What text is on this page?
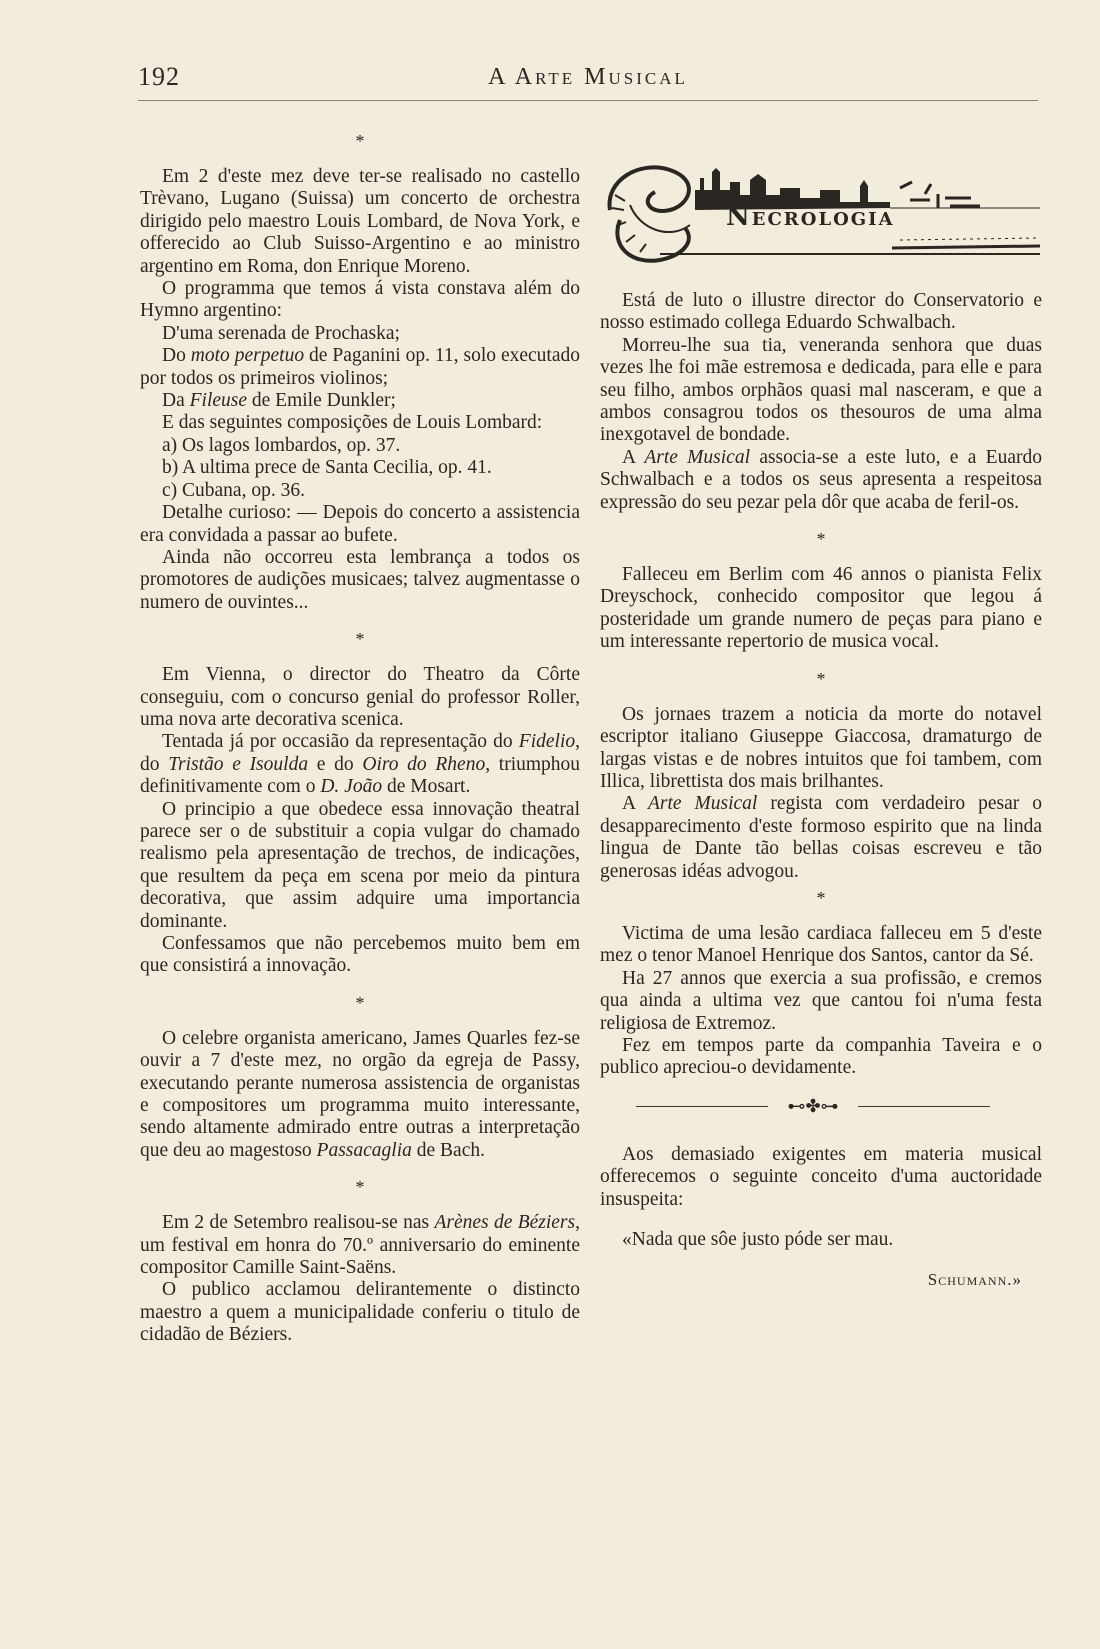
192	A Arte Musical
*

Em 2 d'este mez deve ter-se realisado no castello Trèvano, Lugano (Suissa) um concerto de orchestra dirigido pelo maestro Louis Lombard, de Nova York, e offerecido ao Club Suisso-Argentino e ao ministro argentino em Roma, don Enrique Moreno.

O programma que temos á vista constava além do Hymno argentino:

D'uma serenada de Prochaska;

Do moto perpetuo de Paganini op. 11, solo executado por todos os primeiros violinos;

Da Fileuse de Emile Dunkler;

E das seguintes composições de Louis Lombard:

a) Os lagos lombardos, op. 37.

b) A ultima prece de Santa Cecilia, op. 41.

c) Cubana, op. 36.

Detalhe curioso: — Depois do concerto a assistencia era convidada a passar ao bufete.

Ainda não occorreu esta lembrança a todos os promotores de audições musicaes; talvez augmentasse o numero de ouvintes...

*

Em Vienna, o director do Theatro da Côrte conseguiu, com o concurso genial do professor Roller, uma nova arte decorativa scenica.

Tentada já por occasião da representação do Fidelio, do Tristão e Isoulda e do Oiro do Rheno, triumphou definitivamente com o D. João de Mosart.

O principio a que obedece essa innovação theatral parece ser o de substituir a copia vulgar do chamado realismo pela apresentação de trechos, de indicações, que resultem da peça em scena por meio da pintura decorativa, que assim adquire uma importancia dominante.

Confessamos que não percebemos muito bem em que consistirá a innovação.

*

O celebre organista americano, James Quarles fez-se ouvir a 7 d'este mez, no orgão da egreja de Passy, executando perante numerosa assistencia de organistas e compositores um programma muito interessante, sendo altamente admirado entre outras a interpretação que deu ao magestoso Passacaglia de Bach.

*

Em 2 de Setembro realisou-se nas Arènes de Béziers, um festival em honra do 70.º anniversario do eminente compositor Camille Saint-Saëns.

O publico acclamou delirantemente o distincto maestro a quem a municipalidade conferiu o titulo de cidadão de Béziers.

Necrologia

Está de luto o illustre director do Conservatorio e nosso estimado collega Eduardo Schwalbach.

Morreu-lhe sua tia, veneranda senhora que duas vezes lhe foi mãe estremosa e dedicada, para elle e para seu filho, ambos orphãos quasi mal nasceram, e que a ambos consagrou todos os thesouros de uma alma inexgotavel de bondade.

A Arte Musical associa-se a este luto, e a Euardo Schwalbach e a todos os seus apresenta a respeitosa expressão do seu pezar pela dôr que acaba de feril-os.

*

Falleceu em Berlim com 46 annos o pianista Felix Dreyschock, conhecido compositor que legou á posteridade um grande numero de peças para piano e um interessante repertorio de musica vocal.

*

Os jornaes trazem a noticia da morte do notavel escriptor italiano Giuseppe Giaccosa, dramaturgo de largas vistas e de nobres intuitos que foi tambem, com Illica, librettista dos mais brilhantes.

A Arte Musical regista com verdadeiro pesar o desapparecimento d'este formoso espirito que na linda lingua de Dante tão bellas coisas escreveu e tão generosas idéas advogou.

*

Victima de uma lesão cardiaca falleceu em 5 d'este mez o tenor Manoel Henrique dos Santos, cantor da Sé.

Ha 27 annos que exercia a sua profissão, e cremos qua ainda a ultima vez que cantou foi n'uma festa religiosa de Extremoz.

Fez em tempos parte da companhia Taveira e o publico apreciou-o devidamente.

⊷✤⊶

Aos demasiado exigentes em materia musical offerecemos o seguinte conceito d'uma auctoridade insuspeita:

«Nada que sôe justo póde ser mau.

Schumann.»
